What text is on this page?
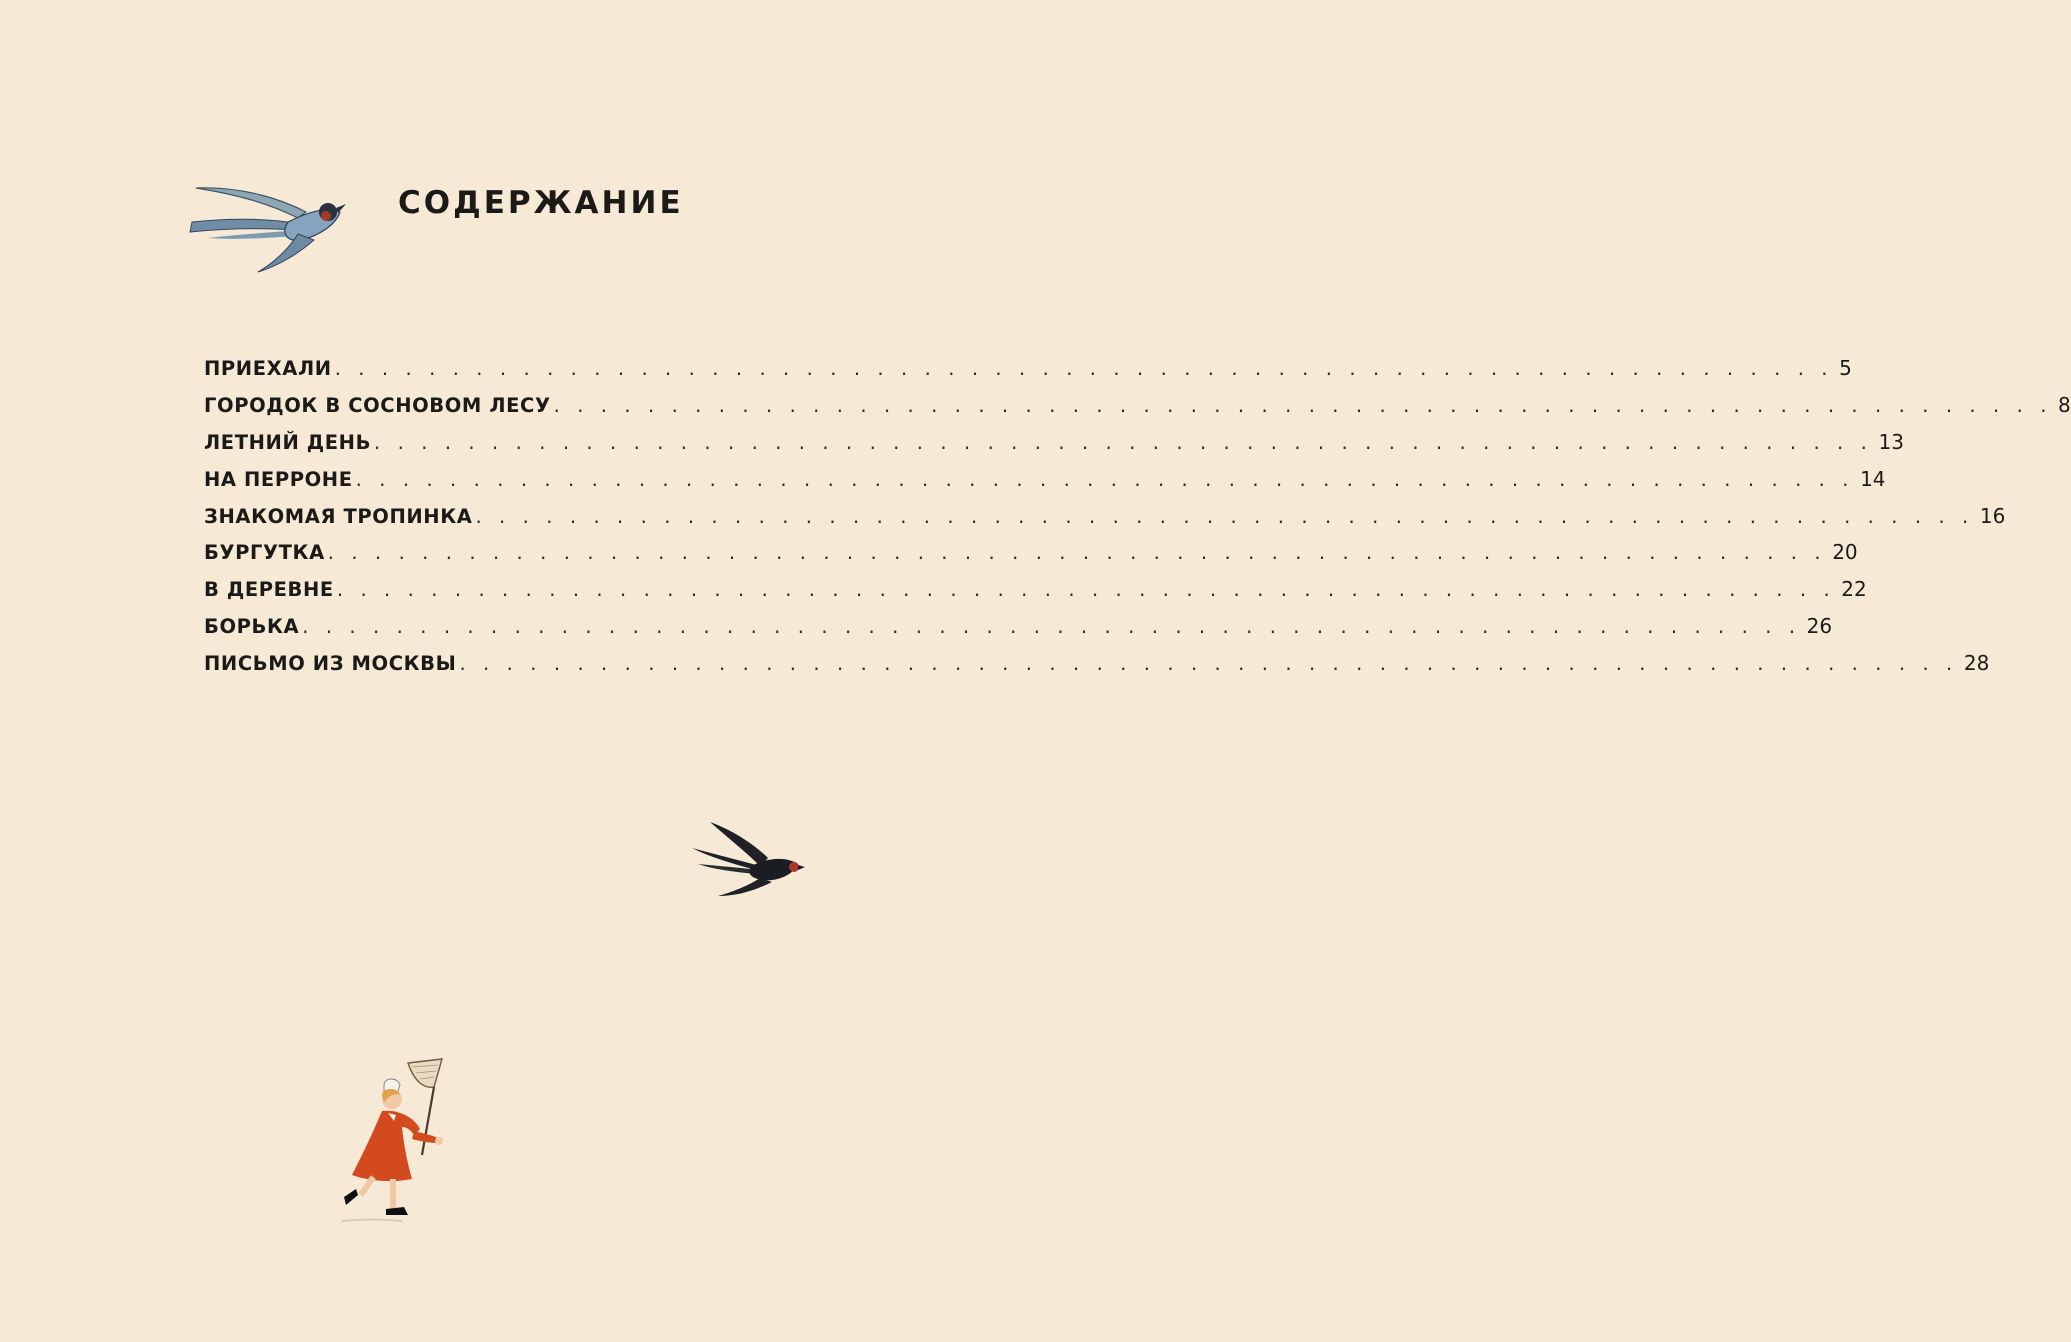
СОДЕРЖАНИЕ
ПРИЕХАЛИ . . . . . . . . . . . . . . . . . . . . . . . . . . . . . . . . . . . . . . . . . . . . . . . . . . . . . . . . . . . . . . . . 5
ГОРОДОК В СОСНОВОМ ЛЕСУ . . . . . . . . . . . . . . . . . . . . . . . . . . . . . . . . . . . . . . . . . . . . . . . . . . . . . . . . . . . . . . . . 8
ЛЕТНИЙ ДЕНЬ . . . . . . . . . . . . . . . . . . . . . . . . . . . . . . . . . . . . . . . . . . . . . . . . . . . . . . . . . . . . . . . . 13
НА ПЕРРОНЕ . . . . . . . . . . . . . . . . . . . . . . . . . . . . . . . . . . . . . . . . . . . . . . . . . . . . . . . . . . . . . . . . 14
ЗНАКОМАЯ ТРОПИНКА . . . . . . . . . . . . . . . . . . . . . . . . . . . . . . . . . . . . . . . . . . . . . . . . . . . . . . . . . . . . . . . . 16
БУРГУТКА . . . . . . . . . . . . . . . . . . . . . . . . . . . . . . . . . . . . . . . . . . . . . . . . . . . . . . . . . . . . . . . . 20
В ДЕРЕВНЕ . . . . . . . . . . . . . . . . . . . . . . . . . . . . . . . . . . . . . . . . . . . . . . . . . . . . . . . . . . . . . . . . 22
БОРЬКА . . . . . . . . . . . . . . . . . . . . . . . . . . . . . . . . . . . . . . . . . . . . . . . . . . . . . . . . . . . . . . . . 26
ПИСЬМО ИЗ МОСКВЫ . . . . . . . . . . . . . . . . . . . . . . . . . . . . . . . . . . . . . . . . . . . . . . . . . . . . . . . . . . . . . . . . 28
